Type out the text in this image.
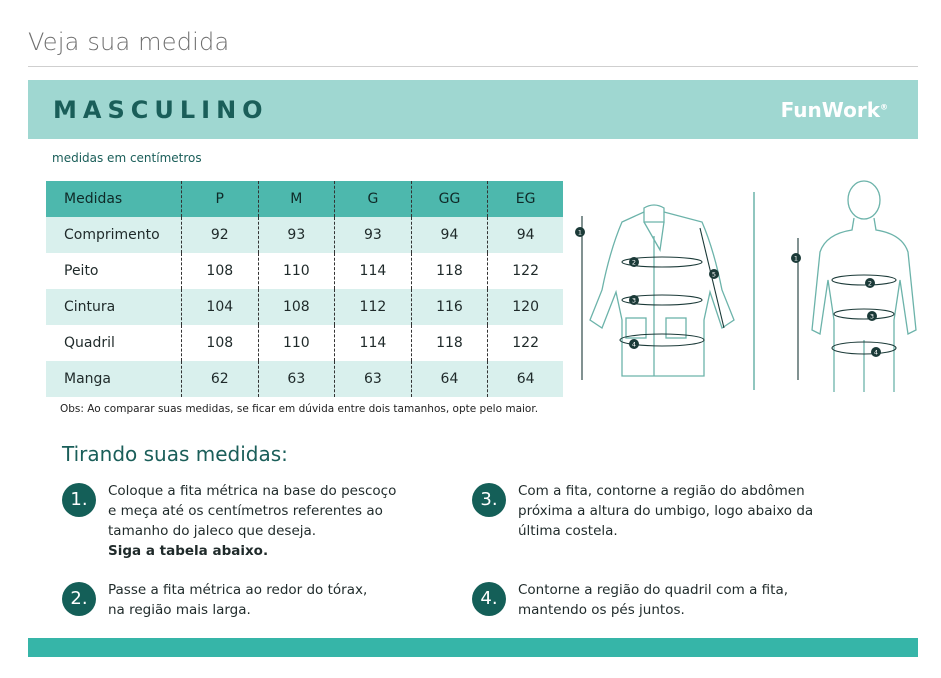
Veja sua medida
MASCULINO	FunWork®
medidas em centímetros
Medidas	P	M	G	GG	EG
Comprimento	92	93	93	94	94
Peito	108	110	114	118	122
Cintura	104	108	112	116	120
Quadril	108	110	114	118	122
Manga	62	63	63	64	64
Obs: Ao comparar suas medidas, se ficar em dúvida entre dois tamanhos, opte pelo maior.
1
2
3
4
5
1
2
3
4
Tirando suas medidas:
1.	Coloque a fita métrica na base do pescoço
e meça até os centímetros referentes ao
tamanho do jaleco que deseja.
Siga a tabela abaixo.
2.	Passe a fita métrica ao redor do tórax,
na região mais larga.
3.	Com a fita, contorne a região do abdômen
próxima a altura do umbigo, logo abaixo da
última costela.
4.	Contorne a região do quadril com a fita,
mantendo os pés juntos.
